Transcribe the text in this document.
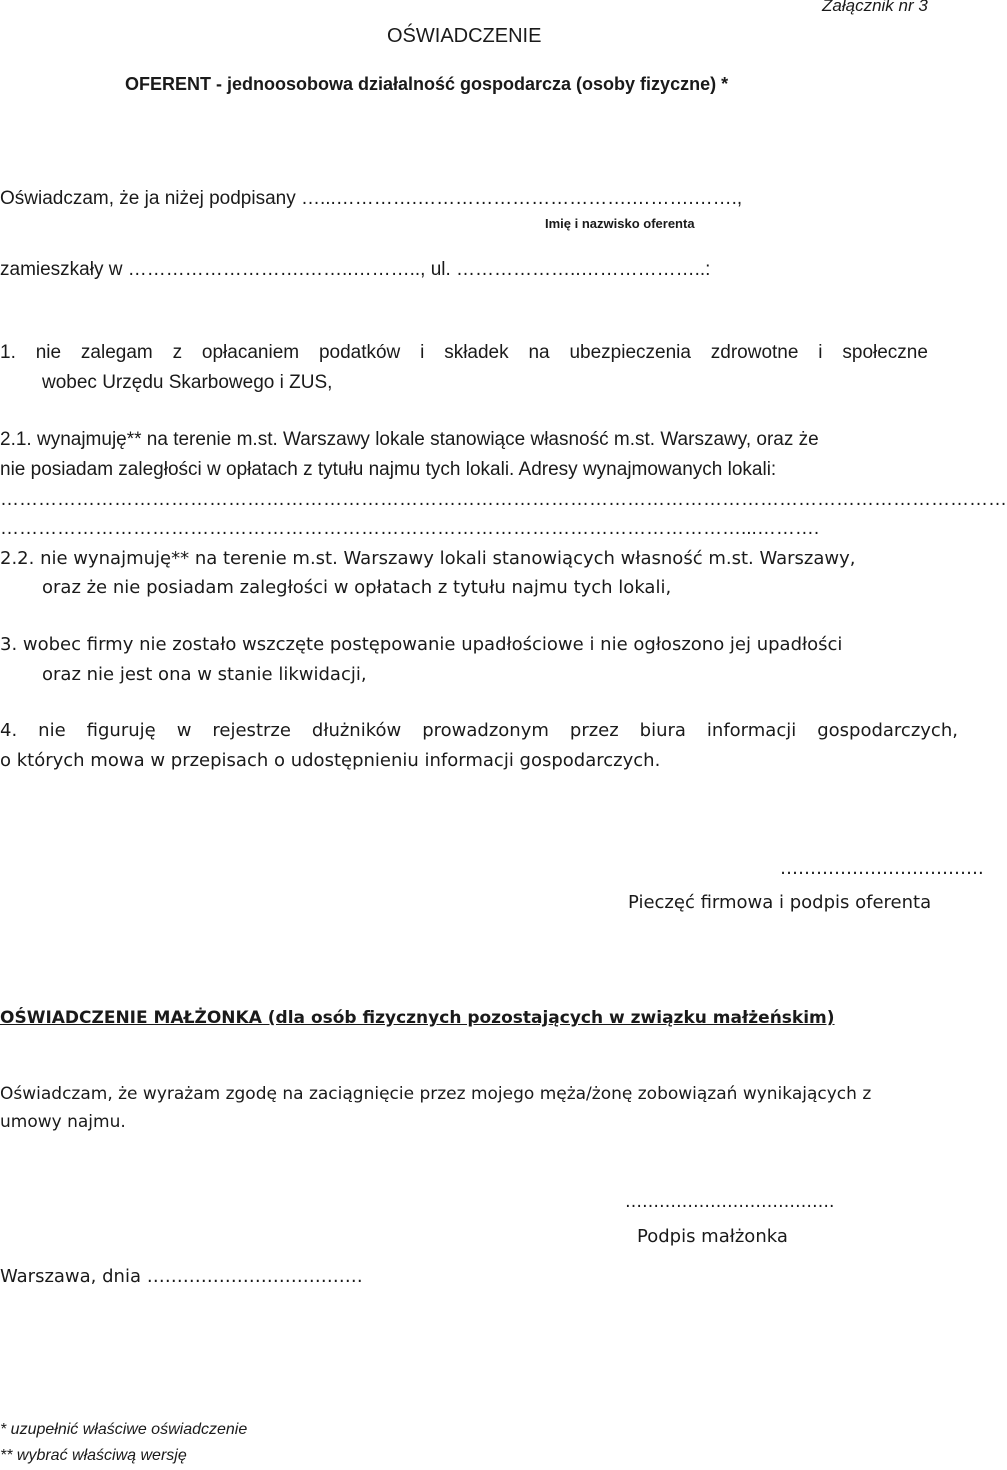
Załącznik nr 3
OŚWIADCZENIE
OFERENT - jednoosobowa działalność gospodarcza (osoby fizyczne) *
Oświadczam, że ja niżej podpisany …...………….…………………………….……….…….,
Imię i nazwisko oferenta
zamieszkały w ……………………….……..……….., ul. ………………..………………..:
1. nie zalegam z opłacaniem podatków i składek na ubezpieczenia zdrowotne i społeczne
wobec Urzędu Skarbowego i ZUS,
2.1. wynajmuję** na terenie m.st. Warszawy lokale stanowiące własność m.st. Warszawy, oraz że
nie posiadam zaległości w opłatach z tytułu najmu tych lokali. Adresy wynajmowanych lokali:
……………………………………………………………………………………………………………………………………………
………………………………………………………………………………………………………...……….
2.2. nie wynajmuję** na terenie m.st. Warszawy lokali stanowiących własność m.st. Warszawy,
oraz że nie posiadam zaległości w opłatach z tytułu najmu tych lokali,
3. wobec firmy nie zostało wszczęte postępowanie upadłościowe i nie ogłoszono jej upadłości
oraz nie jest ona w stanie likwidacji,
4. nie figuruję w rejestrze dłużników prowadzonym przez biura informacji gospodarczych,
o których mowa w przepisach o udostępnieniu informacji gospodarczych.
…………………………….
Pieczęć firmowa i podpis oferenta
OŚWIADCZENIE MAŁŻONKA (dla osób fizycznych pozostających w związku małżeńskim)
Oświadczam, że wyrażam zgodę na zaciągnięcie przez mojego męża/żonę zobowiązań wynikających z
umowy najmu.
……………………………….
Podpis małżonka
Warszawa, dnia ………………………………
* uzupełnić właściwe oświadczenie
** wybrać właściwą wersję
